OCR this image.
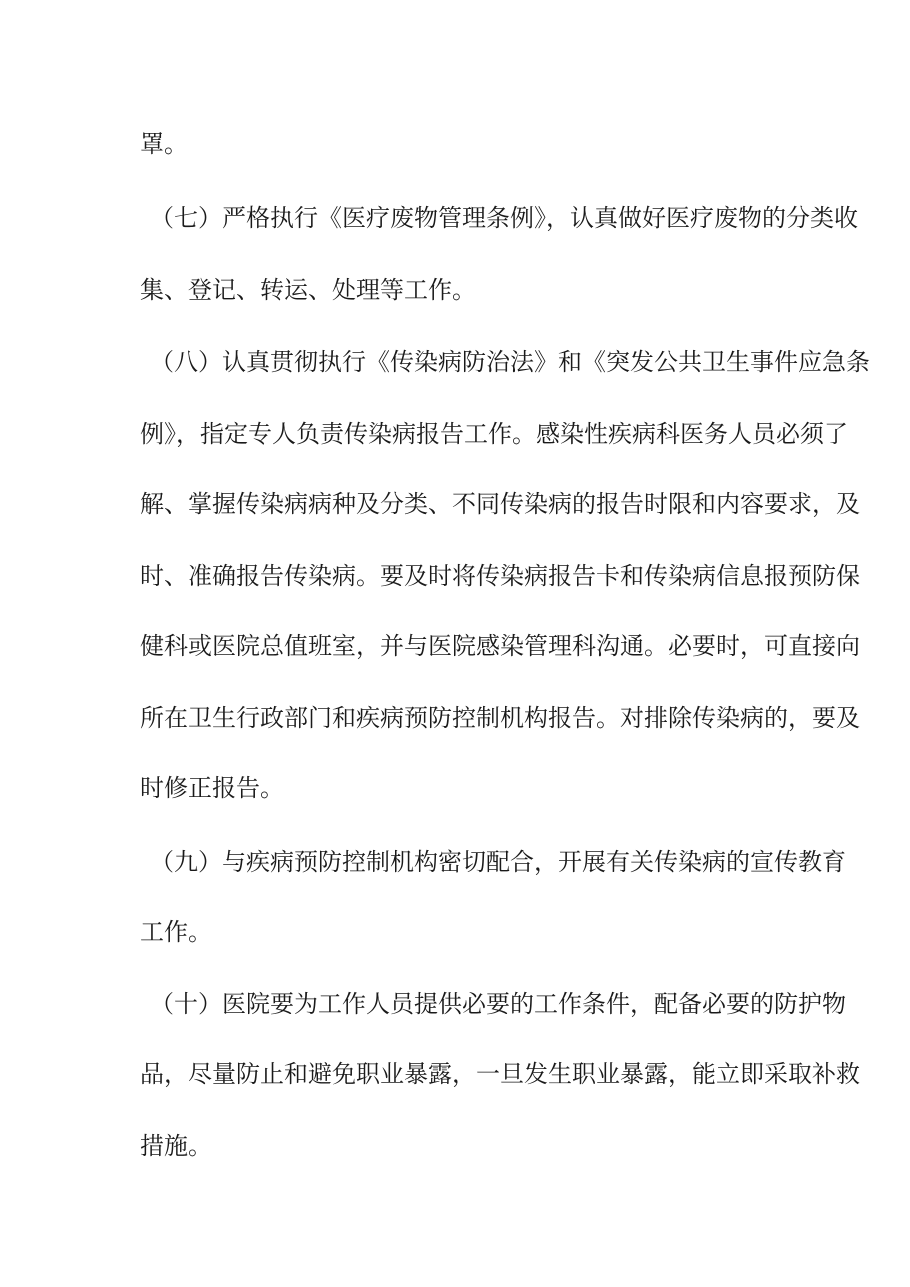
罩。
（七）严格执行《医疗废物管理条例》，认真做好医疗废物的分类收
集、登记、转运、处理等工作。
（八）认真贯彻执行《传染病防治法》和《突发公共卫生事件应急条
例》，指定专人负责传染病报告工作。感染性疾病科医务人员必须了
解、掌握传染病病种及分类、不同传染病的报告时限和内容要求，及
时、准确报告传染病。要及时将传染病报告卡和传染病信息报预防保
健科或医院总值班室，并与医院感染管理科沟通。必要时，可直接向
所在卫生行政部门和疾病预防控制机构报告。对排除传染病的，要及
时修正报告。
（九）与疾病预防控制机构密切配合，开展有关传染病的宣传教育
工作。
（十）医院要为工作人员提供必要的工作条件，配备必要的防护物
品，尽量防止和避免职业暴露，一旦发生职业暴露，能立即采取补救
措施。
